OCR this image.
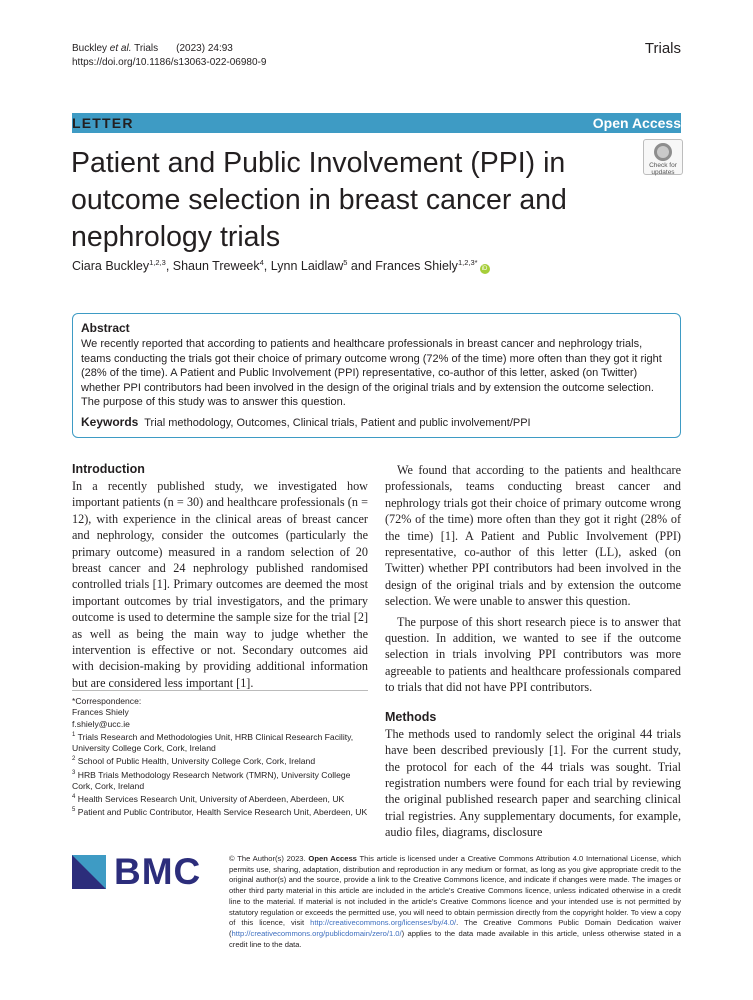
Buckley et al. Trials (2023) 24:93
https://doi.org/10.1186/s13063-022-06980-9
Trials
LETTER	Open Access
Patient and Public Involvement (PPI) in outcome selection in breast cancer and nephrology trials
Check for updates
Ciara Buckley$^{1,2,3}$, Shaun Treweek$^4$, Lynn Laidlaw$^5$ and Frances Shiely$^{1,2,3*}$iD
Abstract

We recently reported that according to patients and healthcare professionals in breast cancer and nephrology trials, teams conducting the trials got their choice of primary outcome wrong (72% of the time) more often than they got it right (28% of the time). A Patient and Public Involvement (PPI) representative, co-author of this letter, asked (on Twitter) whether PPI contributors had been involved in the design of the original trials and by extension the outcome selection. The purpose of this study was to answer this question.

Keywords Trial methodology, Outcomes, Clinical trials, Patient and public involvement/PPI

Introduction

In a recently published study, we investigated how important patients (n = 30) and healthcare professionals (n = 12), with experience in the clinical areas of breast cancer and nephrology, consider the outcomes (particularly the primary outcome) measured in a random selection of 20 breast cancer and 24 nephrology published randomised controlled trials [1]. Primary outcomes are deemed the most important outcomes by trial investigators, and the primary outcome is used to determine the sample size for the trial [2] as well as being the main way to judge whether the intervention is effective or not. Secondary outcomes aid with decision-making by providing additional information but are considered less important [1].

*Correspondence:
Frances Shiely
f.shiely@ucc.ie
$^1$ Trials Research and Methodologies Unit, HRB Clinical Research Facility, University College Cork, Cork, Ireland
$^2$ School of Public Health, University College Cork, Cork, Ireland
$^3$ HRB Trials Methodology Research Network (TMRN), University College Cork, Cork, Ireland
$^4$ Health Services Research Unit, University of Aberdeen, Aberdeen, UK
$^5$ Patient and Public Contributor, Health Service Research Unit, Aberdeen, UK

We found that according to the patients and healthcare professionals, teams conducting breast cancer and nephrology trials got their choice of primary outcome wrong (72% of the time) more often than they got it right (28% of the time) [1]. A Patient and Public Involvement (PPI) representative, co-author of this letter (LL), asked (on Twitter) whether PPI contributors had been involved in the design of the original trials and by extension the outcome selection. We were unable to answer this question.

The purpose of this short research piece is to answer that question. In addition, we wanted to see if the outcome selection in trials involving PPI contributors was more agreeable to patients and healthcare professionals compared to trials that did not have PPI contributors.

Methods

The methods used to randomly select the original 44 trials have been described previously [1]. For the current study, the protocol for each of the 44 trials was sought. Trial registration numbers were found for each trial by reviewing the original published research paper and searching clinical trial registries. Any supplementary documents, for example, audio files, diagrams, disclosure

BMC	© The Author(s) 2023. Open Access This article is licensed under a Creative Commons Attribution 4.0 International License, which permits use, sharing, adaptation, distribution and reproduction in any medium or format, as long as you give appropriate credit to the original author(s) and the source, provide a link to the Creative Commons licence, and indicate if changes were made. The images or other third party material in this article are included in the article's Creative Commons licence, unless indicated otherwise in a credit line to the material. If material is not included in the article's Creative Commons licence and your intended use is not permitted by statutory regulation or exceeds the permitted use, you will need to obtain permission directly from the copyright holder. To view a copy of this licence, visit http://creativecommons.org/licenses/by/4.0/. The Creative Commons Public Domain Dedication waiver (http://creativecommons.org/publicdomain/zero/1.0/) applies to the data made available in this article, unless otherwise stated in a credit line to the data.
